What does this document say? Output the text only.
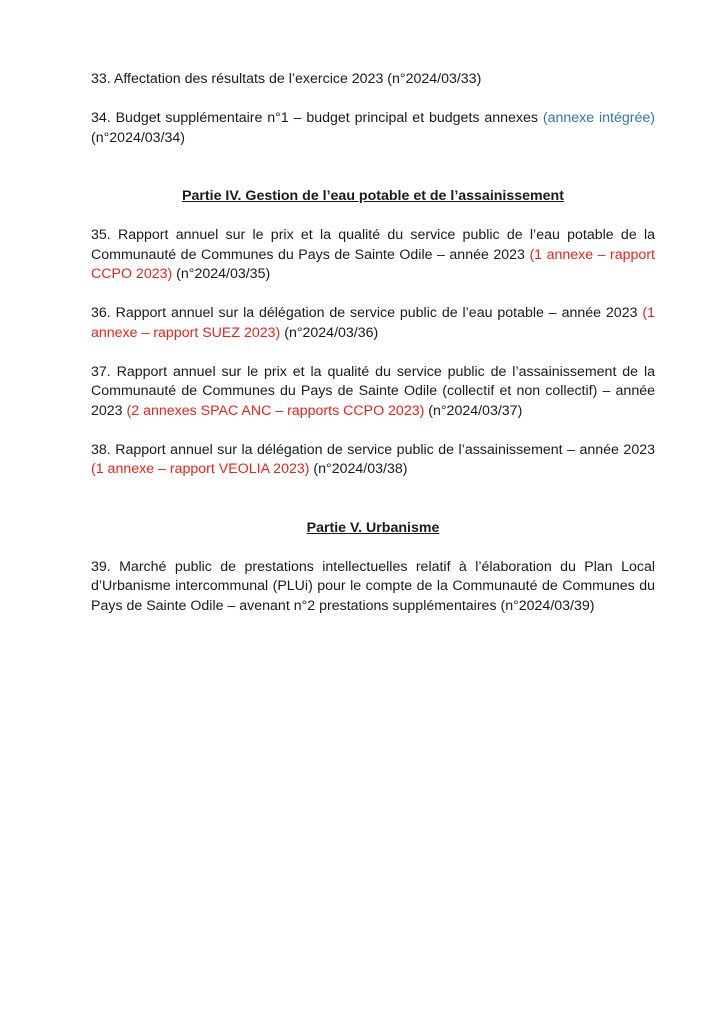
33. Affectation des résultats de l’exercice 2023 (n°2024/03/33)

34. Budget supplémentaire n°1 – budget principal et budgets annexes (annexe intégrée) (n°2024/03/34)

Partie IV. Gestion de l’eau potable et de l’assainissement

35. Rapport annuel sur le prix et la qualité du service public de l’eau potable de la Communauté de Communes du Pays de Sainte Odile – année 2023 (1 annexe – rapport CCPO 2023) (n°2024/03/35)

36. Rapport annuel sur la délégation de service public de l’eau potable – année 2023 (1 annexe – rapport SUEZ 2023) (n°2024/03/36)

37. Rapport annuel sur le prix et la qualité du service public de l’assainissement de la Communauté de Communes du Pays de Sainte Odile (collectif et non collectif) – année 2023 (2 annexes SPAC ANC – rapports CCPO 2023) (n°2024/03/37)

38. Rapport annuel sur la délégation de service public de l’assainissement – année 2023 (1 annexe – rapport VEOLIA 2023) (n°2024/03/38)

Partie V. Urbanisme

39. Marché public de prestations intellectuelles relatif à l’élaboration du Plan Local d’Urbanisme intercommunal (PLUi) pour le compte de la Communauté de Communes du Pays de Sainte Odile – avenant n°2 prestations supplémentaires (n°2024/03/39)
